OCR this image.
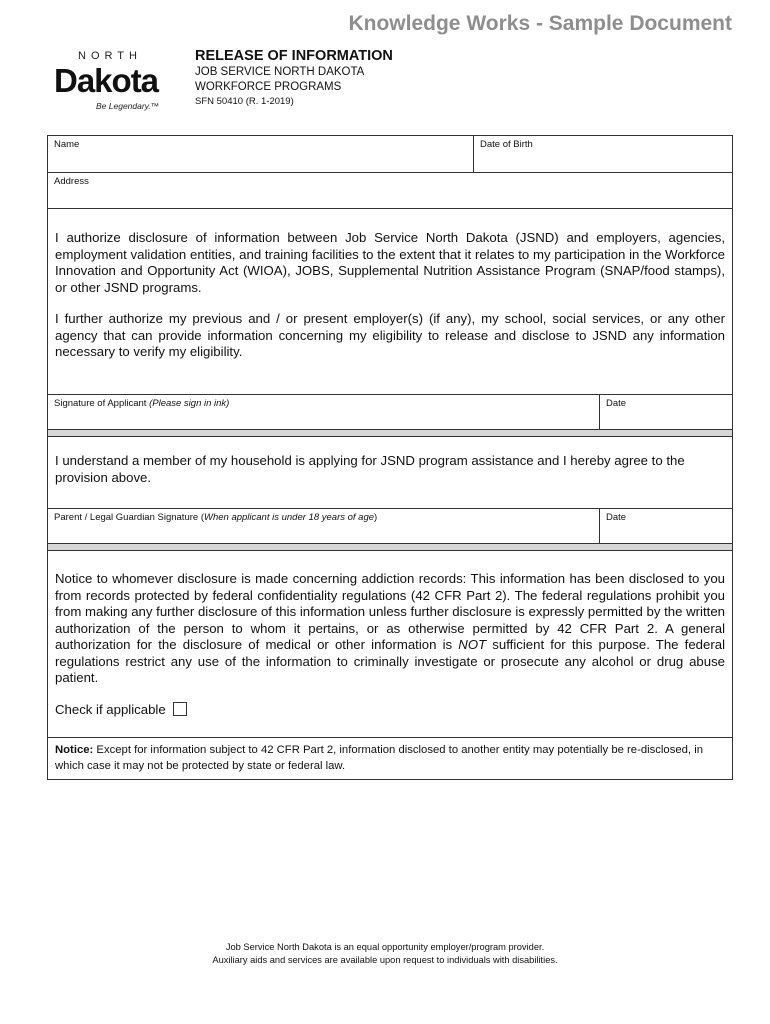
Knowledge Works - Sample Document
NORTH
Dakota
Be Legendary.™
RELEASE OF INFORMATION
JOB SERVICE NORTH DAKOTA
WORKFORCE PROGRAMS
SFN 50410 (R. 1-2019)
Name	Date of Birth
Address
I authorize disclosure of information between Job Service North Dakota (JSND) and employers, agencies, employment validation entities, and training facilities to the extent that it relates to my participation in the Workforce Innovation and Opportunity Act (WIOA), JOBS, Supplemental Nutrition Assistance Program (SNAP/food stamps), or other JSND programs.
I further authorize my previous and / or present employer(s) (if any), my school, social services, or any other agency that can provide information concerning my eligibility to release and disclose to JSND any information necessary to verify my eligibility.
Signature of Applicant (Please sign in ink)	Date
I understand a member of my household is applying for JSND program assistance and I hereby agree to the provision above.
Parent / Legal Guardian Signature (When applicant is under 18 years of age)	Date
Notice to whomever disclosure is made concerning addiction records: This information has been disclosed to you from records protected by federal confidentiality regulations (42 CFR Part 2). The federal regulations prohibit you from making any further disclosure of this information unless further disclosure is expressly permitted by the written authorization of the person to whom it pertains, or as otherwise permitted by 42 CFR Part 2. A general authorization for the disclosure of medical or other information is NOT sufficient for this purpose. The federal regulations restrict any use of the information to criminally investigate or prosecute any alcohol or drug abuse patient.
Check if applicable
Notice: Except for information subject to 42 CFR Part 2, information disclosed to another entity may potentially be re-disclosed, in which case it may not be protected by state or federal law.
Job Service North Dakota is an equal opportunity employer/program provider.
Auxiliary aids and services are available upon request to individuals with disabilities.
